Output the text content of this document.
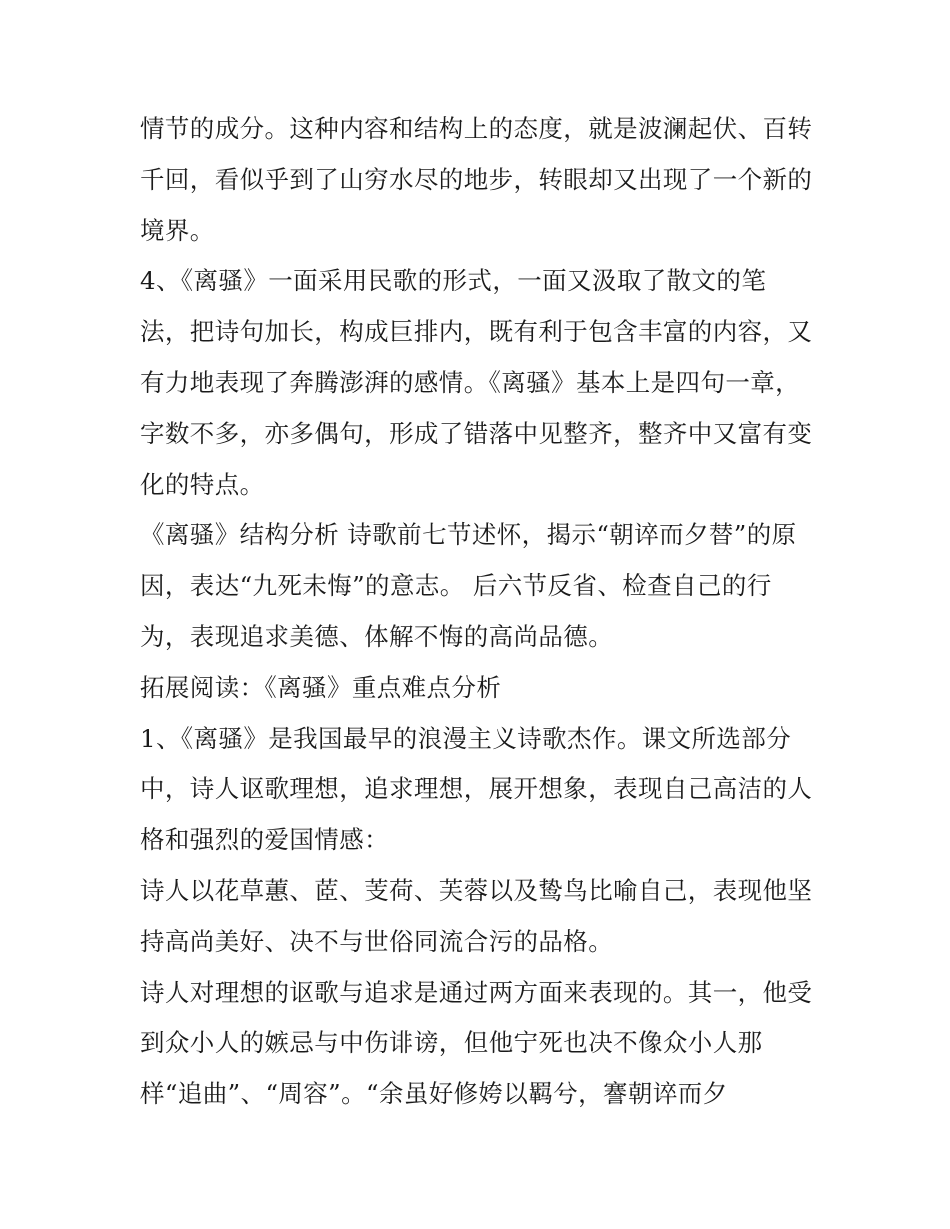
情节的成分。这种内容和结构上的态度，就是波澜起伏、百转
千回，看似乎到了山穷水尽的地步，转眼却又出现了一个新的
境界。
4、《离骚》一面采用民歌的形式，一面又汲取了散文的笔
法，把诗句加长，构成巨排内，既有利于包含丰富的内容，又
有力地表现了奔腾澎湃的感情。《离骚》基本上是四句一章，
字数不多，亦多偶句，形成了错落中见整齐，整齐中又富有变
化的特点。
《离骚》结构分析 诗歌前七节述怀，揭示“朝谇而夕替”的原
因，表达“九死未悔”的意志。 后六节反省、检查自己的行
为，表现追求美德、体解不悔的高尚品德。
拓展阅读：《离骚》重点难点分析
1、《离骚》是我国最早的浪漫主义诗歌杰作。课文所选部分
中，诗人讴歌理想，追求理想，展开想象，表现自己高洁的人
格和强烈的爱国情感：
诗人以花草蕙、茝、芰荷、芙蓉以及鸷鸟比喻自己，表现他坚
持高尚美好、决不与世俗同流合污的品格。
诗人对理想的讴歌与追求是通过两方面来表现的。其一，他受
到众小人的嫉忌与中伤诽谤，但他宁死也决不像众小人那
样“追曲”、“周容”。“余虽好修姱以羁兮，謇朝谇而夕
